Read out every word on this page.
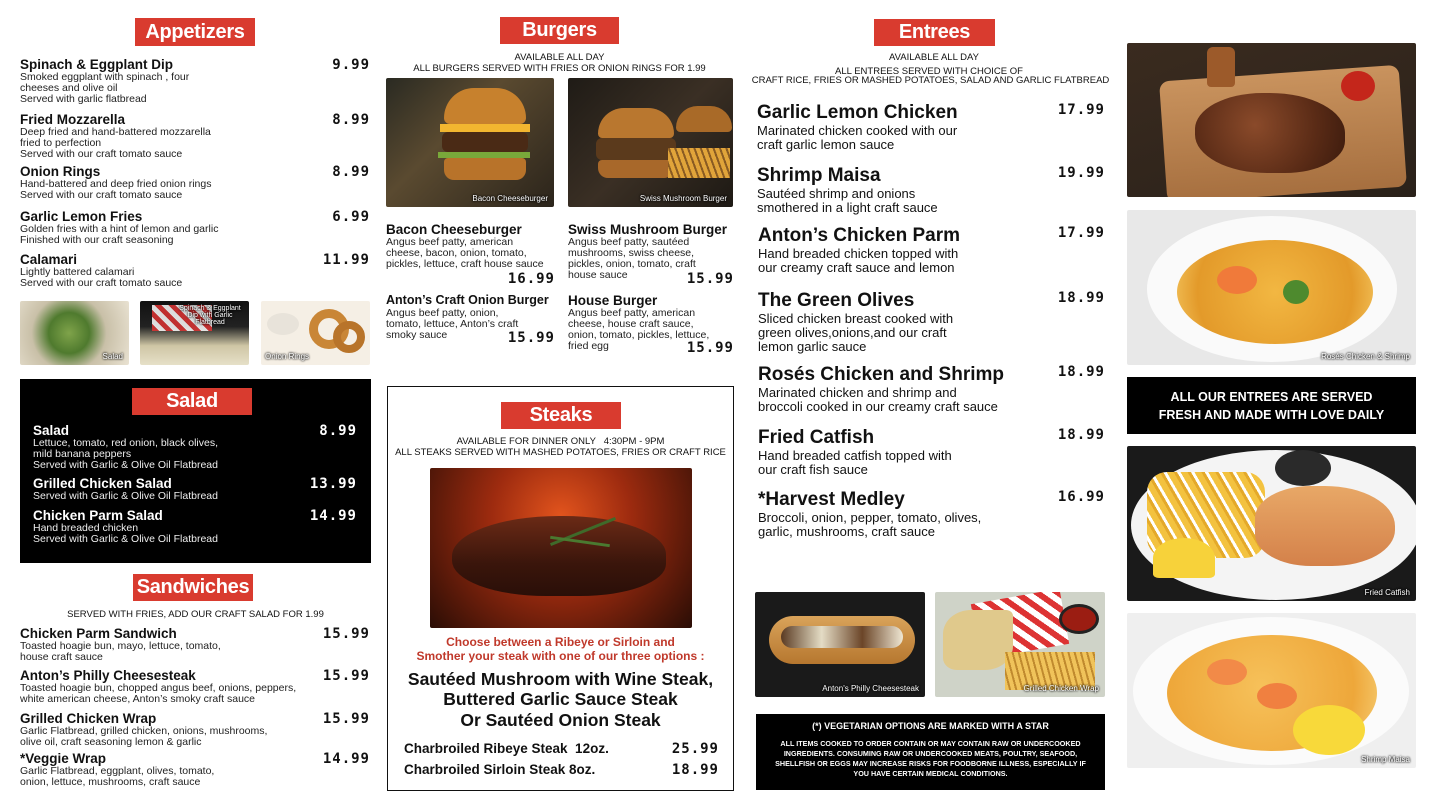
Appetizers
Spinach & Eggplant Dip	9.99
Smoked eggplant with spinach , four
cheeses and olive oil
Served with garlic flatbread
Fried Mozzarella	8.99
Deep fried and hand-battered mozzarella
fried to perfection
Served with our craft tomato sauce
Onion Rings	8.99
Hand-battered and deep fried onion rings
Served with our craft tomato sauce
Garlic Lemon Fries	6.99
Golden fries with a hint of lemon and garlic
Finished with our craft seasoning
Calamari	11.99
Lightly battered calamari
Served with our craft tomato sauce
Salad
Spinach & Eggplant Dip with Garlic Flatbread
Onion Rings
Salad
Salad	8.99
Lettuce, tomato, red onion, black olives,
mild banana peppers
Served with Garlic & Olive Oil Flatbread
Grilled Chicken Salad	13.99
Served with Garlic & Olive Oil Flatbread
Chicken Parm Salad	14.99
Hand breaded chicken
Served with Garlic & Olive Oil Flatbread
Sandwiches
SERVED WITH FRIES, ADD OUR CRAFT SALAD FOR 1.99
Chicken Parm Sandwich	15.99
Toasted hoagie bun, mayo, lettuce, tomato,
house craft sauce
Anton’s Philly Cheesesteak	15.99
Toasted hoagie bun, chopped angus beef, onions, peppers,
white american cheese, Anton’s smoky craft sauce
Grilled Chicken Wrap	15.99
Garlic Flatbread, grilled chicken, onions, mushrooms,
olive oil, craft seasoning lemon & garlic
*Veggie Wrap	14.99
Garlic Flatbread, eggplant, olives, tomato,
onion, lettuce, mushrooms, craft sauce
Burgers
AVAILABLE ALL DAY
ALL BURGERS SERVED WITH FRIES OR ONION RINGS FOR 1.99
Bacon Cheeseburger	Swiss Mushroom Burger
Bacon Cheeseburger
Angus beef patty, american
cheese, bacon, onion, tomato,
pickles, lettuce, craft house sauce
16.99
Swiss Mushroom Burger
Angus beef patty, sautéed
mushrooms, swiss cheese,
pickles, onion, tomato, craft
house sauce	15.99
Anton’s Craft Onion Burger
Angus beef patty, onion,
tomato, lettuce, Anton’s craft
smoky sauce	15.99
House Burger
Angus beef patty, american
cheese, house craft sauce,
onion, tomato, pickles, lettuce,
fried egg	15.99
Steaks
AVAILABLE FOR DINNER ONLY   4:30PM - 9PM
ALL STEAKS SERVED WITH MASHED POTATOES, FRIES OR CRAFT RICE
Choose between a Ribeye or Sirloin and
Smother your steak with one of our three options :
Sautéed Mushroom with Wine Steak,
Buttered Garlic Sauce Steak
Or Sautéed Onion Steak
Charbroiled Ribeye Steak  12oz.	25.99
Charbroiled Sirloin Steak 8oz.	18.99
Entrees
AVAILABLE ALL DAY
ALL ENTREES SERVED WITH CHOICE OF
CRAFT RICE, FRIES OR MASHED POTATOES, SALAD AND GARLIC FLATBREAD
Garlic Lemon Chicken	17.99
Marinated chicken cooked with our
craft garlic lemon sauce
Shrimp Maisa	19.99
Sautéed shrimp and onions
smothered in a light craft sauce
Anton’s Chicken Parm	17.99
Hand breaded chicken topped with
our creamy craft sauce and lemon
The Green Olives	18.99
Sliced chicken breast cooked with
green olives,onions,and our craft
lemon garlic sauce
Rosés Chicken and Shrimp	18.99
Marinated chicken and shrimp and
broccoli cooked in our creamy craft sauce
Fried Catfish	18.99
Hand breaded catfish topped with
our craft fish sauce
*Harvest Medley	16.99
Broccoli, onion, pepper, tomato, olives,
garlic, mushrooms, craft sauce
Anton's Philly Cheesesteak	Grilled Chicken Wrap
(*) VEGETARIAN OPTIONS ARE MARKED WITH A STAR
ALL ITEMS COOKED TO ORDER CONTAIN OR MAY CONTAIN RAW OR UNDERCOOKED INGREDIENTS. CONSUMING RAW OR UNDERCOOKED MEATS, POULTRY, SEAFOOD, SHELLFISH OR EGGS MAY INCREASE RISKS FOR FOODBORNE ILLNESS, ESPECIALLY IF YOU HAVE CERTAIN MEDICAL CONDITIONS.
Rosés Chicken & Shrimp
ALL OUR ENTREES ARE SERVED
FRESH AND MADE WITH LOVE DAILY
Fried Catfish
Shrimp Maisa
